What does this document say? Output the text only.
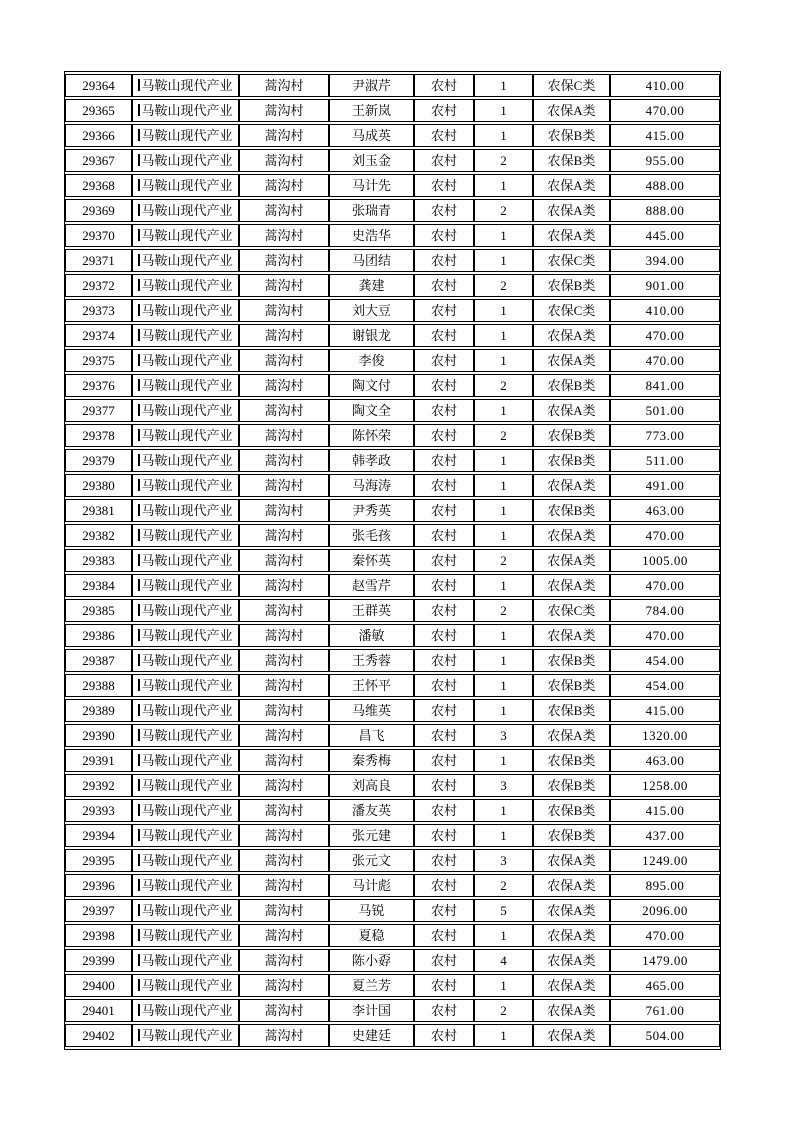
29364	马鞍山现代产业	蒿沟村	尹淑芹	农村	1	农保C类	410.00
29365	马鞍山现代产业	蒿沟村	王新岚	农村	1	农保A类	470.00
29366	马鞍山现代产业	蒿沟村	马成英	农村	1	农保B类	415.00
29367	马鞍山现代产业	蒿沟村	刘玉金	农村	2	农保B类	955.00
29368	马鞍山现代产业	蒿沟村	马计先	农村	1	农保A类	488.00
29369	马鞍山现代产业	蒿沟村	张瑞青	农村	2	农保A类	888.00
29370	马鞍山现代产业	蒿沟村	史浩华	农村	1	农保A类	445.00
29371	马鞍山现代产业	蒿沟村	马团结	农村	1	农保C类	394.00
29372	马鞍山现代产业	蒿沟村	龚建	农村	2	农保B类	901.00
29373	马鞍山现代产业	蒿沟村	刘大豆	农村	1	农保C类	410.00
29374	马鞍山现代产业	蒿沟村	谢银龙	农村	1	农保A类	470.00
29375	马鞍山现代产业	蒿沟村	李俊	农村	1	农保A类	470.00
29376	马鞍山现代产业	蒿沟村	陶文付	农村	2	农保B类	841.00
29377	马鞍山现代产业	蒿沟村	陶文全	农村	1	农保A类	501.00
29378	马鞍山现代产业	蒿沟村	陈怀荣	农村	2	农保B类	773.00
29379	马鞍山现代产业	蒿沟村	韩孝政	农村	1	农保B类	511.00
29380	马鞍山现代产业	蒿沟村	马海涛	农村	1	农保A类	491.00
29381	马鞍山现代产业	蒿沟村	尹秀英	农村	1	农保B类	463.00
29382	马鞍山现代产业	蒿沟村	张毛孩	农村	1	农保A类	470.00
29383	马鞍山现代产业	蒿沟村	秦怀英	农村	2	农保A类	1005.00
29384	马鞍山现代产业	蒿沟村	赵雪芹	农村	1	农保A类	470.00
29385	马鞍山现代产业	蒿沟村	王群英	农村	2	农保C类	784.00
29386	马鞍山现代产业	蒿沟村	潘敏	农村	1	农保A类	470.00
29387	马鞍山现代产业	蒿沟村	王秀蓉	农村	1	农保B类	454.00
29388	马鞍山现代产业	蒿沟村	王怀平	农村	1	农保B类	454.00
29389	马鞍山现代产业	蒿沟村	马维英	农村	1	农保B类	415.00
29390	马鞍山现代产业	蒿沟村	昌飞	农村	3	农保A类	1320.00
29391	马鞍山现代产业	蒿沟村	秦秀梅	农村	1	农保B类	463.00
29392	马鞍山现代产业	蒿沟村	刘高良	农村	3	农保B类	1258.00
29393	马鞍山现代产业	蒿沟村	潘友英	农村	1	农保B类	415.00
29394	马鞍山现代产业	蒿沟村	张元建	农村	1	农保B类	437.00
29395	马鞍山现代产业	蒿沟村	张元文	农村	3	农保A类	1249.00
29396	马鞍山现代产业	蒿沟村	马计彪	农村	2	农保A类	895.00
29397	马鞍山现代产业	蒿沟村	马锐	农村	5	农保A类	2096.00
29398	马鞍山现代产业	蒿沟村	夏稳	农村	1	农保A类	470.00
29399	马鞍山现代产业	蒿沟村	陈小孬	农村	4	农保A类	1479.00
29400	马鞍山现代产业	蒿沟村	夏兰芳	农村	1	农保A类	465.00
29401	马鞍山现代产业	蒿沟村	李计国	农村	2	农保A类	761.00
29402	马鞍山现代产业	蒿沟村	史建廷	农村	1	农保A类	504.00
